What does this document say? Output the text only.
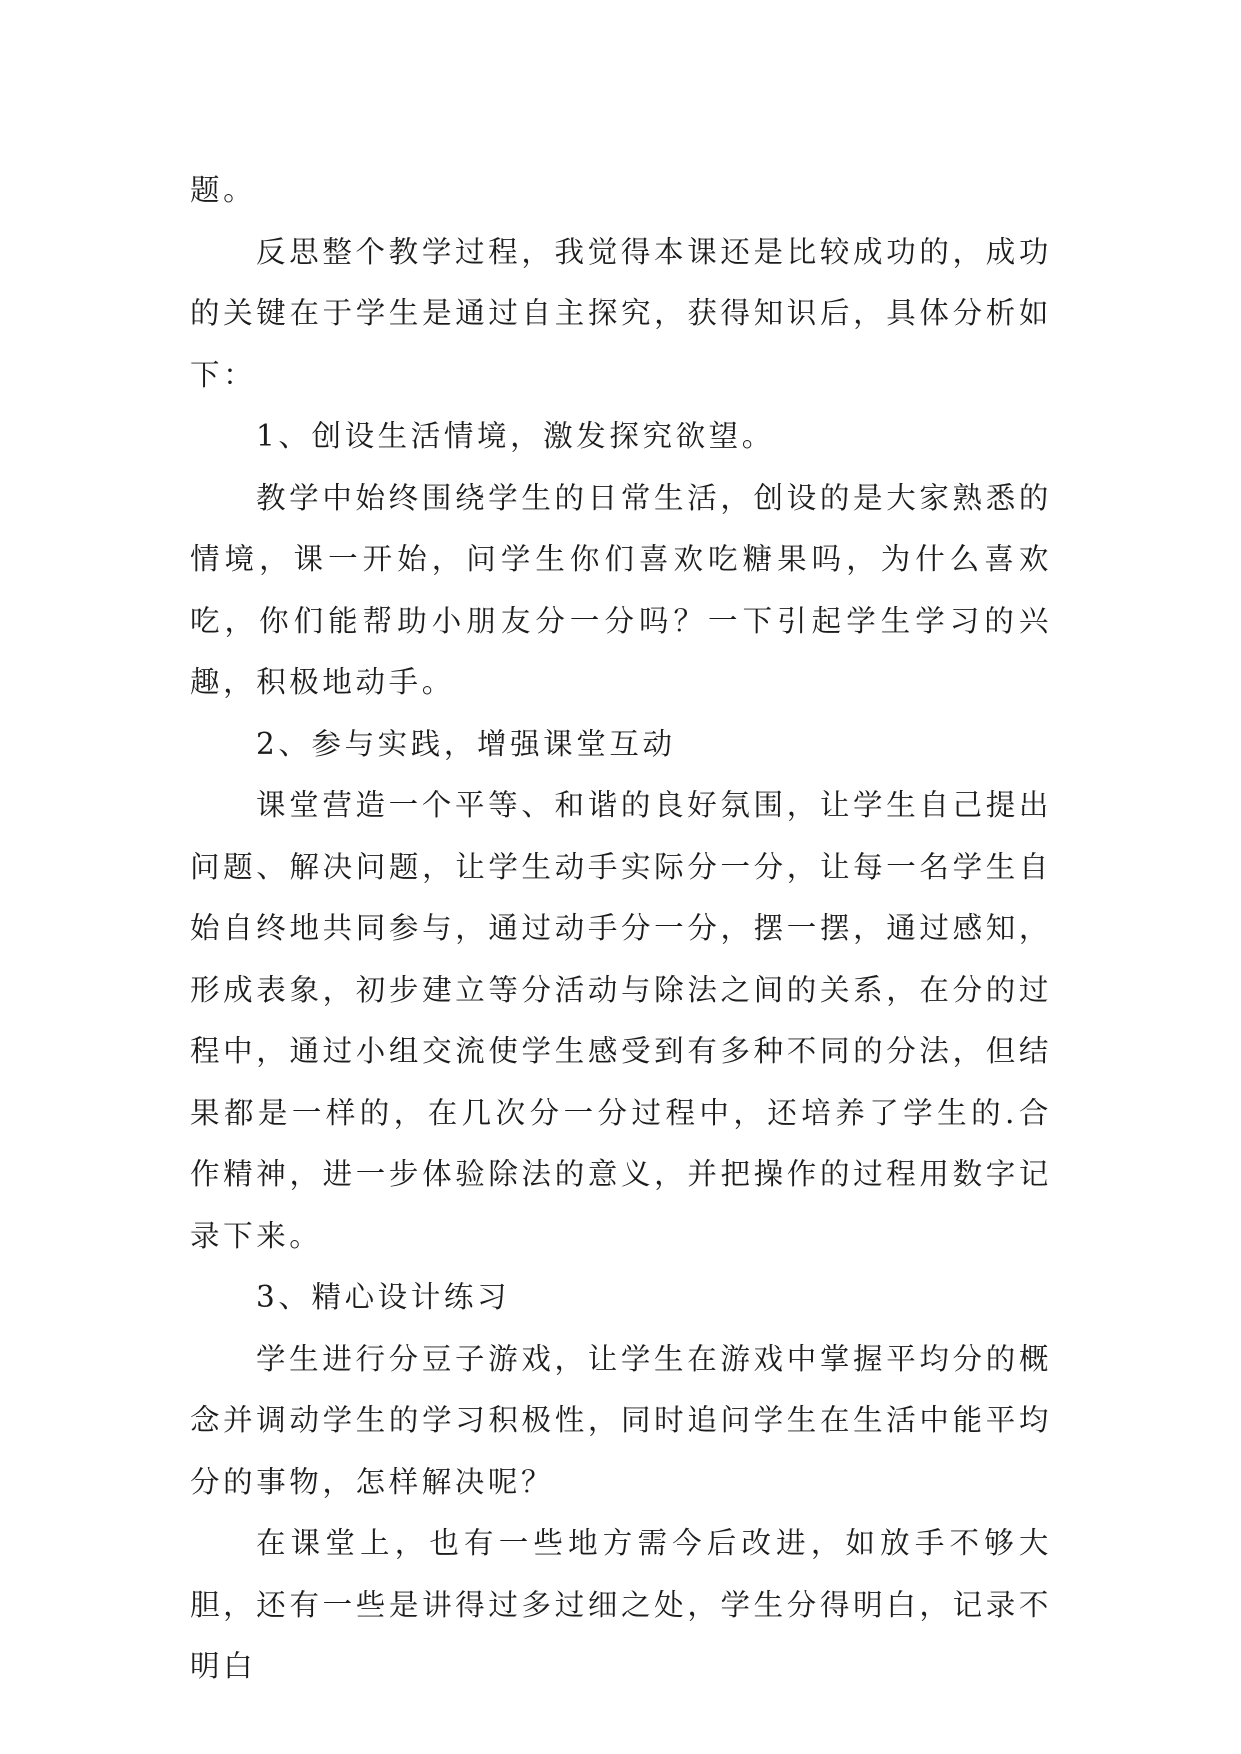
题。

反思整个教学过程，我觉得本课还是比较成功的，成功的关键在于学生是通过自主探究，获得知识后，具体分析如下：

1、创设生活情境，激发探究欲望。

教学中始终围绕学生的日常生活，创设的是大家熟悉的情境，课一开始，问学生你们喜欢吃糖果吗，为什么喜欢吃，你们能帮助小朋友分一分吗？一下引起学生学习的兴趣，积极地动手。

2、参与实践，增强课堂互动

课堂营造一个平等、和谐的良好氛围，让学生自己提出问题、解决问题，让学生动手实际分一分，让每一名学生自始自终地共同参与，通过动手分一分，摆一摆，通过感知，形成表象，初步建立等分活动与除法之间的关系，在分的过程中，通过小组交流使学生感受到有多种不同的分法，但结果都是一样的，在几次分一分过程中，还培养了学生的.合作精神，进一步体验除法的意义，并把操作的过程用数字记录下来。

3、精心设计练习

学生进行分豆子游戏，让学生在游戏中掌握平均分的概念并调动学生的学习积极性，同时追问学生在生活中能平均分的事物，怎样解决呢？

在课堂上，也有一些地方需今后改进，如放手不够大胆，还有一些是讲得过多过细之处，学生分得明白，记录不明白
